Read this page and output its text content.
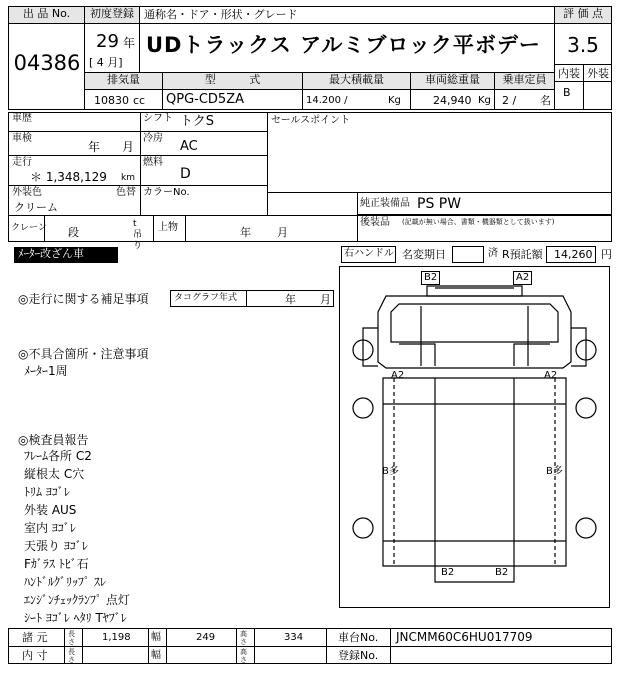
出 品 No.
04386
初度登録 通称名・ドア・形状・グレード
29 年
[ 4 月]
UDトラックス アルミブロック平ボデー
評 価 点
3.5
内装 外装
B
排気量	型 式	最大積載量	車両総重量	乗車定員
10830 cc QPG-CD5ZA	14.200 /	Kg	24,940 Kg 2 / 名
車歴	シフト トクS
車検
年 月
冷房
AC
走行
＊ 1,348,129 km
燃料
D
外装色
クリーム
色替 カラーNo.
セールスポイント
純正装備品 PS PW
後装品 (記載が無い場合、書類・機器類として扱います)
クレーン 段
t 吊り
上物	年 月
ﾒｰﾀｰ改ざん車	右ハンドル 名変期日	済 R預託額 14,260 円
◎走行に関する補足事項	タコグラフ年式	年 月
◎不具合箇所・注意事項
ﾒｰﾀｰ1周
◎検査員報告
ﾌﾚｰﾑ各所 C2
縦根太 C穴
ﾄﾘﾑ ﾖｺﾞﾚ
外装 AUS
室内 ﾖｺﾞﾚ
天張り ﾖｺﾞﾚ
Fｶﾞﾗｽ ﾄﾋﾞ石
ﾊﾝﾄﾞﾙｸﾞﾘｯﾌﾟ ｽﾚ
ｴﾝｼﾞﾝﾁｪｯｸﾗﾝﾌﾟ 点灯
ｼｰﾄ ﾖｺﾞﾚ ﾍﾀﾘ Tﾔﾌﾞﾚ
B2	A2
A2	A2
B多	B多
B2	B2
諸 元	長さ	1,198 幅	249	高さ	334	車台No. JNCMM60C6HU017709
内 寸	長さ	幅	高さ	登録No.
